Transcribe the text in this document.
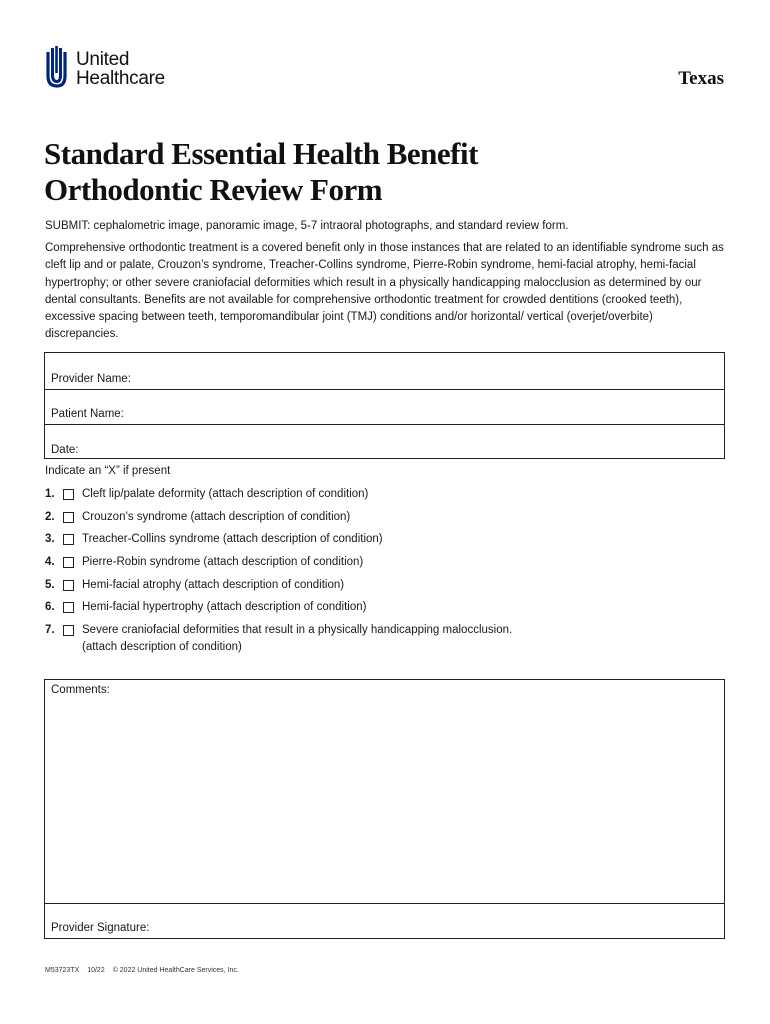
United
Healthcare	Texas
Standard Essential Health Benefit
Orthodontic Review Form
SUBMIT: cephalometric image, panoramic image, 5-7 intraoral photographs, and standard review form.

Comprehensive orthodontic treatment is a covered benefit only in those instances that are related to an identifiable syndrome such as cleft lip and or palate, Crouzon’s syndrome, Treacher-Collins syndrome, Pierre-Robin syndrome, hemi-facial atrophy, hemi-facial hypertrophy; or other severe craniofacial deformities which result in a physically handicapping malocclusion as determined by our dental consultants. Benefits are not available for comprehensive orthodontic treatment for crowded dentitions (crooked teeth), excessive spacing between teeth, temporomandibular joint (TMJ) conditions and/or horizontal/ vertical (overjet/overbite) discrepancies.

Provider Name:
Patient Name:
Date:
Indicate an “X” if present
1.	Cleft lip/palate deformity (attach description of condition)
2.	Crouzon’s syndrome (attach description of condition)
3.	Treacher-Collins syndrome (attach description of condition)
4.	Pierre-Robin syndrome (attach description of condition)
5.	Hemi-facial atrophy (attach description of condition)
6.	Hemi-facial hypertrophy (attach description of condition)
7.	Severe craniofacial deformities that result in a physically handicapping malocclusion.
(attach description of condition)
Comments:
Provider Signature:
M53723TX 10/22 © 2022 United HealthCare Services, Inc.
